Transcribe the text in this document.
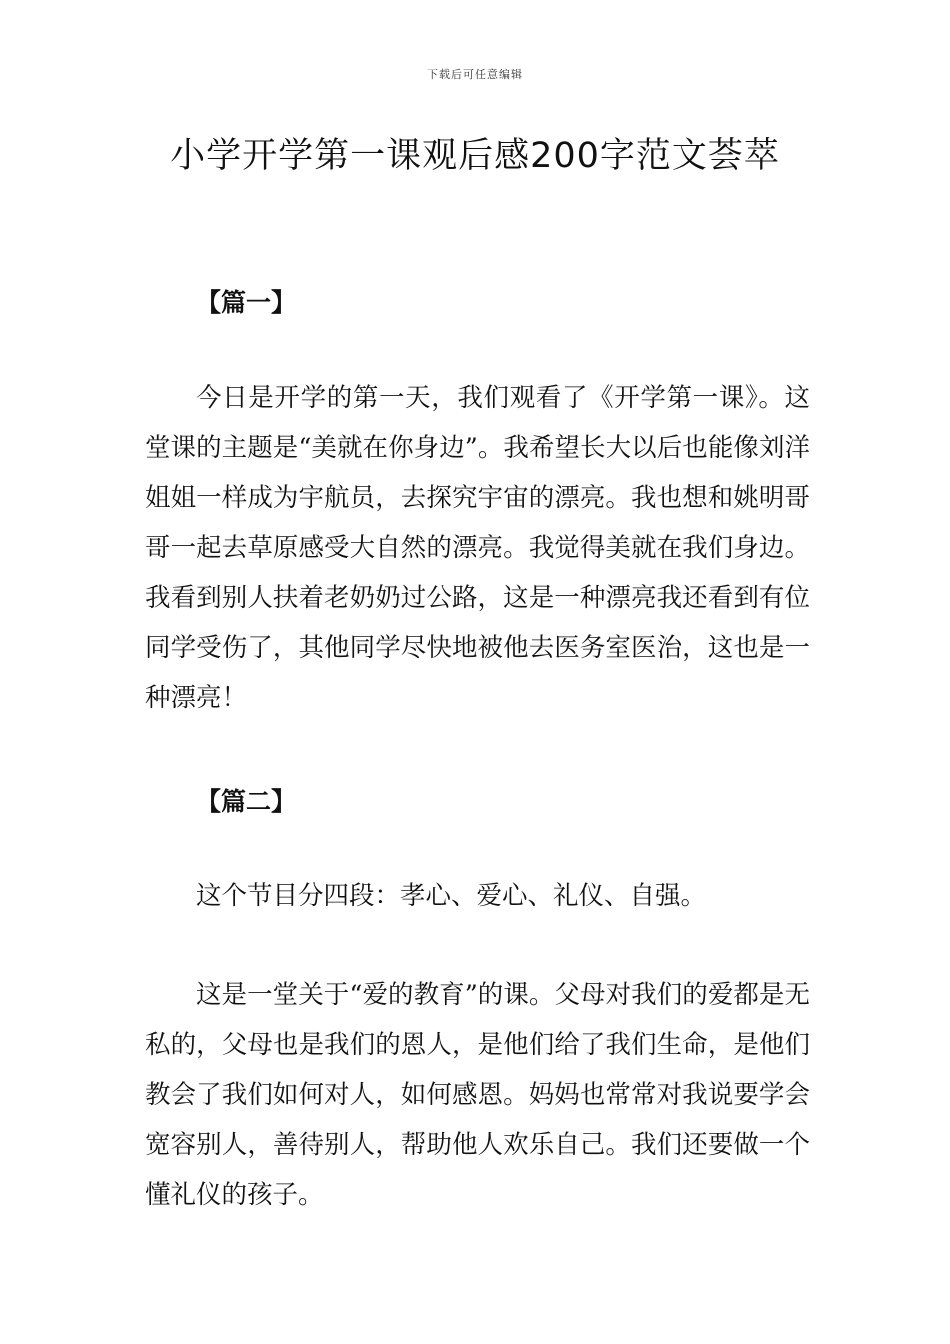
下载后可任意编辑
小学开学第一课观后感200字范文荟萃
【篇一】

今日是开学的第一天，我们观看了《开学第一课》。这堂课的主题是“美就在你身边”。我希望长大以后也能像刘洋姐姐一样成为宇航员，去探究宇宙的漂亮。我也想和姚明哥哥一起去草原感受大自然的漂亮。我觉得美就在我们身边。我看到别人扶着老奶奶过公路，这是一种漂亮我还看到有位同学受伤了，其他同学尽快地被他去医务室医治，这也是一种漂亮！

【篇二】

这个节目分四段：孝心、爱心、礼仪、自强。

这是一堂关于“爱的教育”的课。父母对我们的爱都是无私的，父母也是我们的恩人，是他们给了我们生命，是他们教会了我们如何对人，如何感恩。妈妈也常常对我说要学会宽容别人，善待别人，帮助他人欢乐自己。我们还要做一个懂礼仪的孩子。
